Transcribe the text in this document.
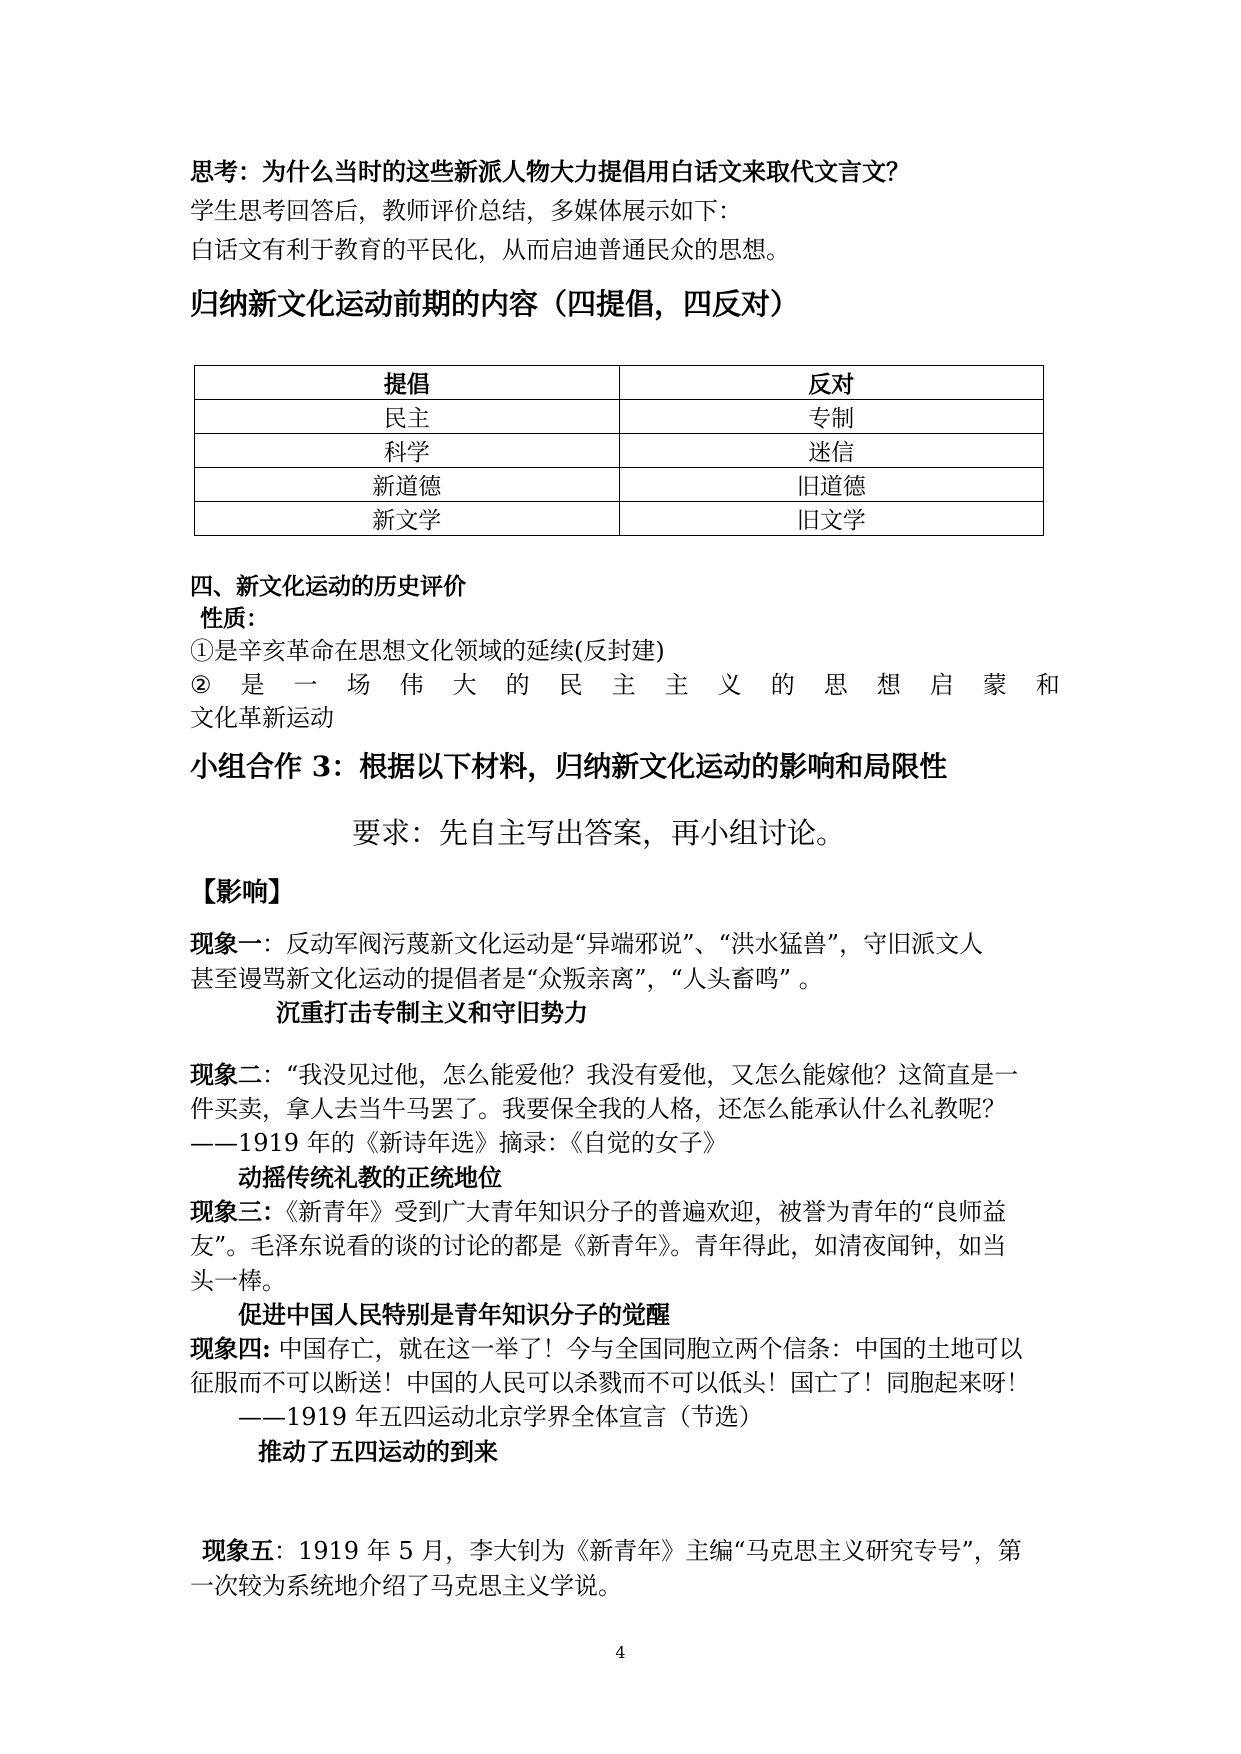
思考：为什么当时的这些新派人物大力提倡用白话文来取代文言文？
学生思考回答后，教师评价总结，多媒体展示如下：
白话文有利于教育的平民化，从而启迪普通民众的思想。
归纳新文化运动前期的内容（四提倡，四反对）
提倡	反对
民主	专制
科学	迷信
新道德	旧道德
新文学	旧文学
四、新文化运动的历史评价
性质：
①是辛亥革命在思想文化领域的延续(反封建)
② 是 一 场 伟 大 的 民 主 主 义 的 思 想 启 蒙 和
文化革新运动
小组合作 3：根据以下材料，归纳新文化运动的影响和局限性
要求：先自主写出答案，再小组讨论。
【影响】
现象一：反动军阀污蔑新文化运动是“异端邪说”、“洪水猛兽”，守旧派文人
甚至谩骂新文化运动的提倡者是“众叛亲离”，“人头畜鸣” 。
沉重打击专制主义和守旧势力
现象二：“我没见过他，怎么能爱他？我没有爱他，又怎么能嫁他？这简直是一
件买卖，拿人去当牛马罢了。我要保全我的人格，还怎么能承认什么礼教呢？
——1919 年的《新诗年选》摘录：《自觉的女子》
动摇传统礼教的正统地位
现象三：《新青年》受到广大青年知识分子的普遍欢迎，被誉为青年的“良师益
友”。毛泽东说看的谈的讨论的都是《新青年》。青年得此，如清夜闻钟，如当
头一棒。
促进中国人民特别是青年知识分子的觉醒
现象四: 中国存亡，就在这一举了！今与全国同胞立两个信条：中国的土地可以
征服而不可以断送！中国的人民可以杀戮而不可以低头！国亡了！同胞起来呀！
——1919 年五四运动北京学界全体宣言（节选）
推动了五四运动的到来
现象五：1919 年 5 月，李大钊为《新青年》主编“马克思主义研究专号”，第
一次较为系统地介绍了马克思主义学说。
4
